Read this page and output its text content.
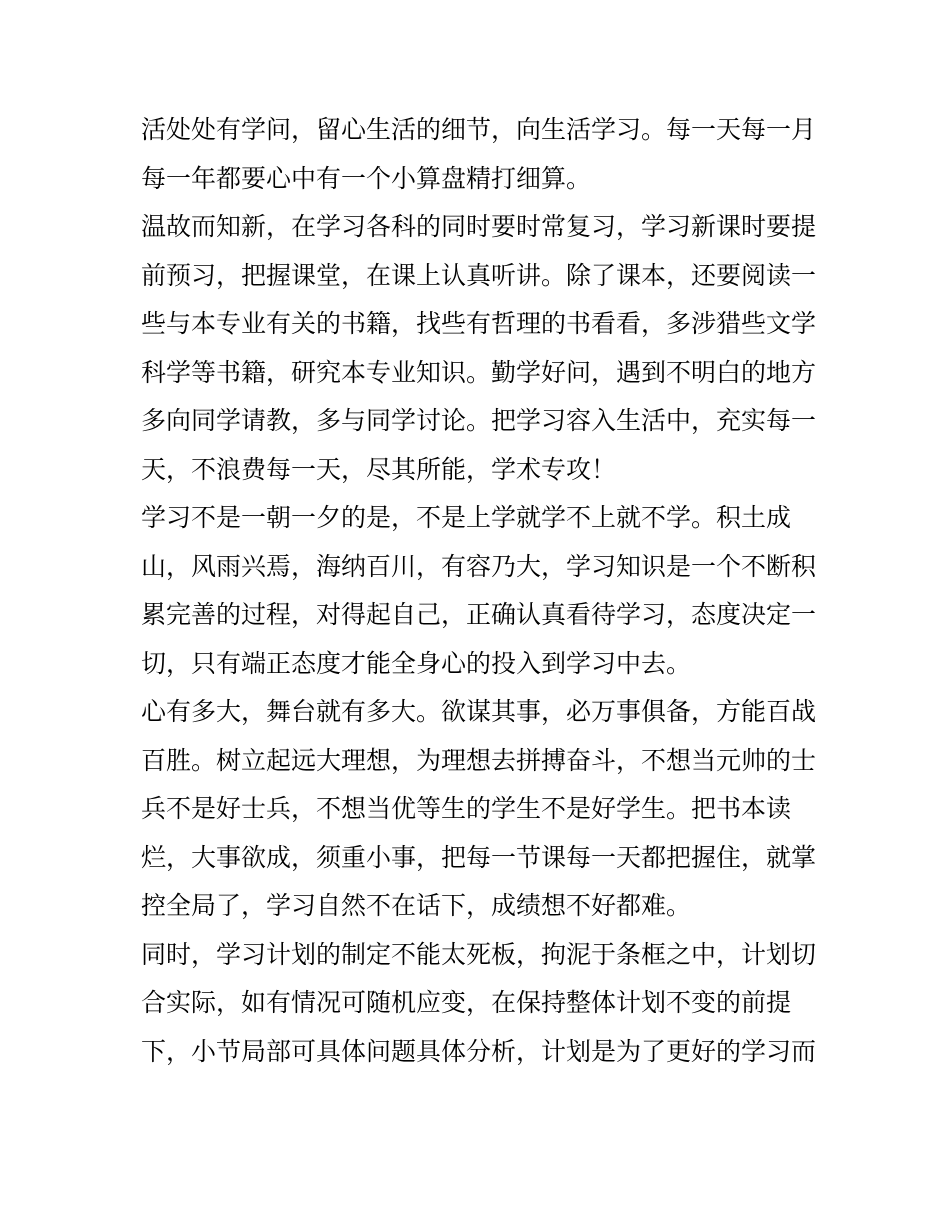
活处处有学问，留心生活的细节，向生活学习。每一天每一月
每一年都要心中有一个小算盘精打细算。
温故而知新，在学习各科的同时要时常复习，学习新课时要提
前预习，把握课堂，在课上认真听讲。除了课本，还要阅读一
些与本专业有关的书籍，找些有哲理的书看看，多涉猎些文学
科学等书籍，研究本专业知识。勤学好问，遇到不明白的地方
多向同学请教，多与同学讨论。把学习容入生活中，充实每一
天，不浪费每一天，尽其所能，学术专攻！
学习不是一朝一夕的是，不是上学就学不上就不学。积土成
山，风雨兴焉，海纳百川，有容乃大，学习知识是一个不断积
累完善的过程，对得起自己，正确认真看待学习，态度决定一
切，只有端正态度才能全身心的投入到学习中去。
心有多大，舞台就有多大。欲谋其事，必万事俱备，方能百战
百胜。树立起远大理想，为理想去拼搏奋斗，不想当元帅的士
兵不是好士兵，不想当优等生的学生不是好学生。把书本读
烂，大事欲成，须重小事，把每一节课每一天都把握住，就掌
控全局了，学习自然不在话下，成绩想不好都难。
同时，学习计划的制定不能太死板，拘泥于条框之中，计划切
合实际，如有情况可随机应变，在保持整体计划不变的前提
下，小节局部可具体问题具体分析，计划是为了更好的学习而
